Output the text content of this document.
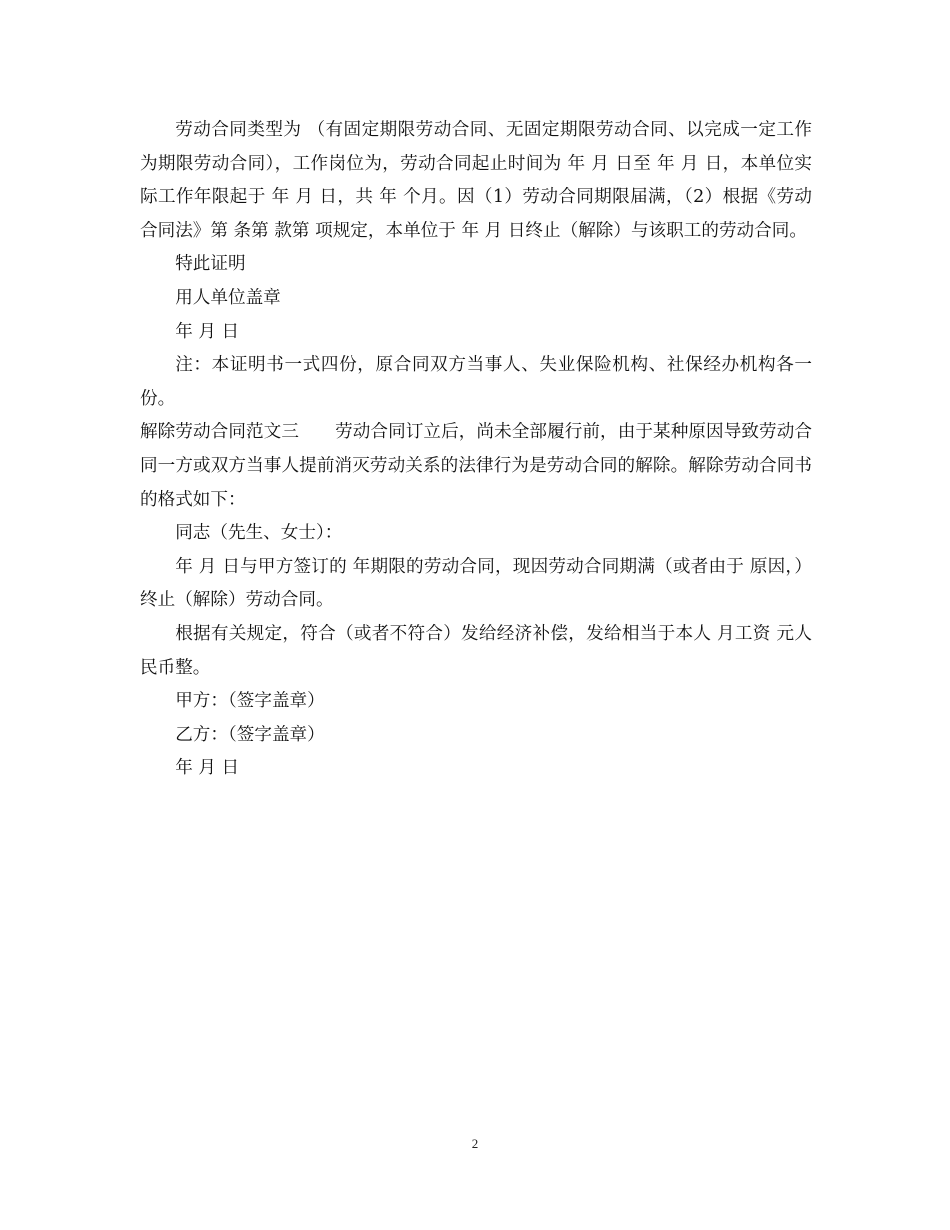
劳动合同类型为 （有固定期限劳动合同、无固定期限劳动合同、以完成一定工作为期限劳动合同），工作岗位为，劳动合同起止时间为 年 月 日至 年 月 日，本单位实际工作年限起于 年 月 日，共 年 个月。因（1）劳动合同期限届满，（2）根据《劳动合同法》第 条第 款第 项规定，本单位于 年 月 日终止（解除）与该职工的劳动合同。

特此证明

用人单位盖章

年 月 日

注：本证明书一式四份，原合同双方当事人、失业保险机构、社保经办机构各一份。

解除劳动合同范文三 劳动合同订立后，尚未全部履行前，由于某种原因导致劳动合同一方或双方当事人提前消灭劳动关系的法律行为是劳动合同的解除。解除劳动合同书的格式如下：

同志（先生、女士）：

年 月 日与甲方签订的 年期限的劳动合同，现因劳动合同期满（或者由于 原因，）终止（解除）劳动合同。

根据有关规定，符合（或者不符合）发给经济补偿，发给相当于本人 月工资 元人民币整。

甲方：（签字盖章）

乙方：（签字盖章）

年 月 日

2
